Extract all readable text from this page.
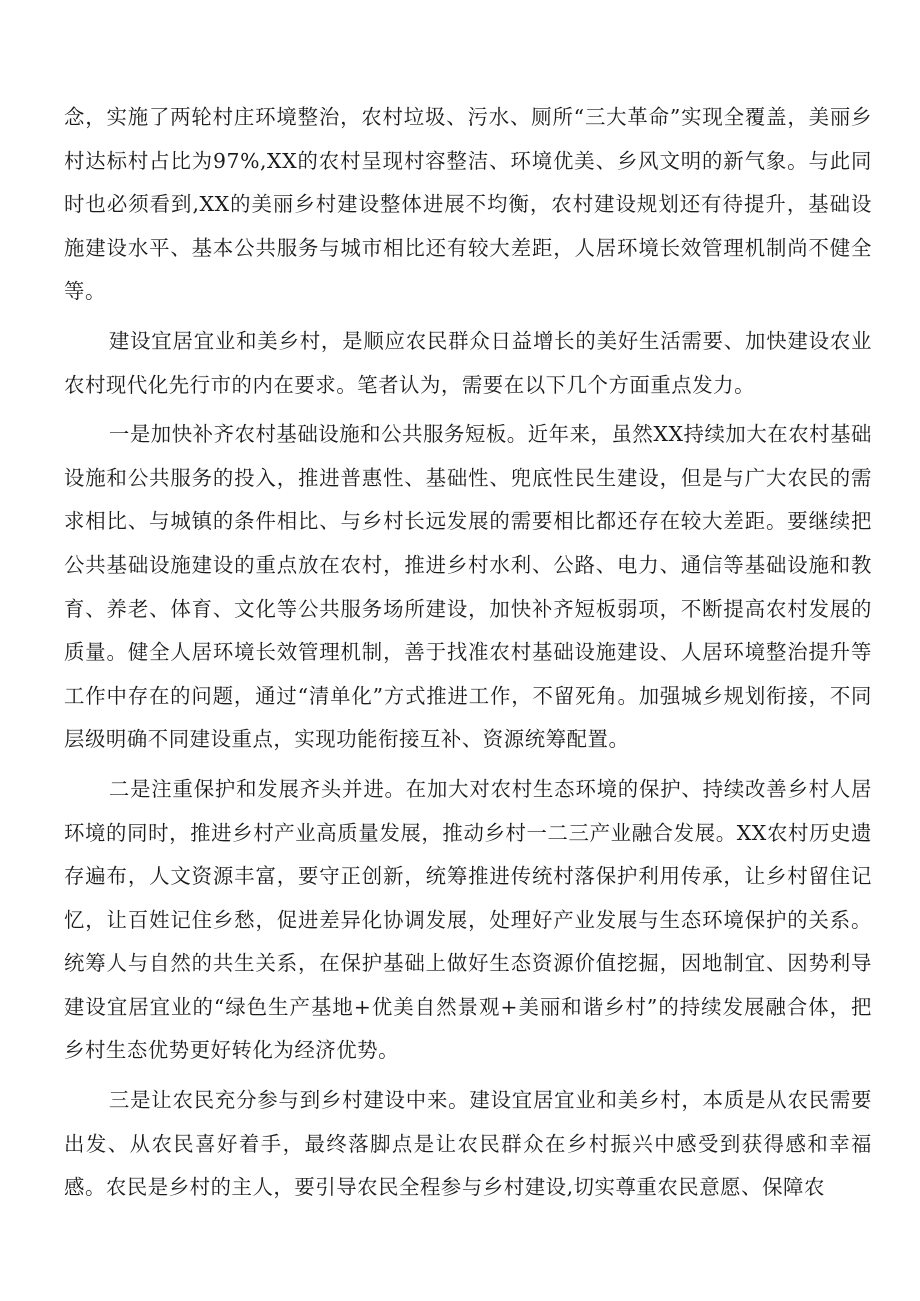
念，实施了两轮村庄环境整治，农村垃圾、污水、厕所“三大革命”实现全覆盖，美丽乡村达标村占比为97%,XX的农村呈现村容整洁、环境优美、乡风文明的新气象。与此同时也必须看到,XX的美丽乡村建设整体进展不均衡，农村建设规划还有待提升，基础设施建设水平、基本公共服务与城市相比还有较大差距，人居环境长效管理机制尚不健全等。

建设宜居宜业和美乡村，是顺应农民群众日益增长的美好生活需要、加快建设农业农村现代化先行市的内在要求。笔者认为，需要在以下几个方面重点发力。

一是加快补齐农村基础设施和公共服务短板。近年来，虽然XX持续加大在农村基础设施和公共服务的投入，推进普惠性、基础性、兜底性民生建设，但是与广大农民的需求相比、与城镇的条件相比、与乡村长远发展的需要相比都还存在较大差距。要继续把公共基础设施建设的重点放在农村，推进乡村水利、公路、电力、通信等基础设施和教育、养老、体育、文化等公共服务场所建设，加快补齐短板弱项，不断提高农村发展的质量。健全人居环境长效管理机制，善于找准农村基础设施建设、人居环境整治提升等工作中存在的问题，通过“清单化”方式推进工作，不留死角。加强城乡规划衔接，不同层级明确不同建设重点，实现功能衔接互补、资源统筹配置。

二是注重保护和发展齐头并进。在加大对农村生态环境的保护、持续改善乡村人居环境的同时，推进乡村产业高质量发展，推动乡村一二三产业融合发展。XX农村历史遗存遍布，人文资源丰富，要守正创新，统筹推进传统村落保护利用传承，让乡村留住记忆，让百姓记住乡愁，促进差异化协调发展，处理好产业发展与生态环境保护的关系。统筹人与自然的共生关系，在保护基础上做好生态资源价值挖掘，因地制宜、因势利导建设宜居宜业的“绿色生产基地+优美自然景观+美丽和谐乡村”的持续发展融合体，把乡村生态优势更好转化为经济优势。

三是让农民充分参与到乡村建设中来。建设宜居宜业和美乡村，本质是从农民需要出发、从农民喜好着手，最终落脚点是让农民群众在乡村振兴中感受到获得感和幸福感。农民是乡村的主人，要引导农民全程参与乡村建设,切实尊重农民意愿、保障农
